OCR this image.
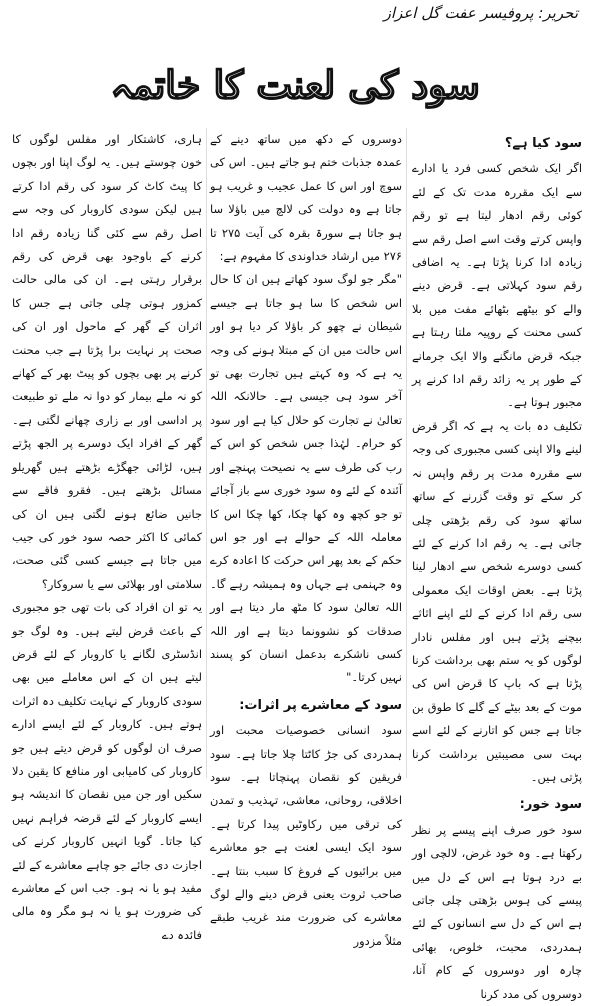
تحریر: پروفیسر عفت گل اعزاز
سود کی لعنت کا خاتمہ

سود کیا ہے؟

اگر ایک شخص کسی فرد یا ادارے سے ایک مقررہ مدت تک کے لئے کوئی رقم ادھار لیتا ہے تو رقم واپس کرتے وقت اسے اصل رقم سے زیادہ ادا کرنا پڑتا ہے۔ یہ اضافی رقم سود کہلاتی ہے۔ قرض دینے والے کو بیٹھے بٹھائے مفت میں بلا کسی محنت کے روپیہ ملتا رہتا ہے جبکہ قرض مانگنے والا ایک جرمانے کے طور پر یہ زائد رقم ادا کرنے پر مجبور ہوتا ہے۔

تکلیف دہ بات یہ ہے کہ اگر قرض لینے والا اپنی کسی مجبوری کی وجہ سے مقررہ مدت پر رقم واپس نہ کر سکے تو وقت گزرنے کے ساتھ ساتھ سود کی رقم بڑھتی چلی جاتی ہے۔ یہ رقم ادا کرنے کے لئے کسی دوسرے شخص سے ادھار لینا پڑتا ہے۔ بعض اوقات ایک معمولی سی رقم ادا کرنے کے لئے اپنے اثاثے بیچنے پڑتے ہیں اور مفلس نادار لوگوں کو یہ ستم بھی برداشت کرنا پڑتا ہے کہ باپ کا قرض اس کی موت کے بعد بیٹے کے گلے کا طوق بن جاتا ہے جس کو اتارنے کے لئے اسے بہت سی مصیبتیں برداشت کرنا پڑتی ہیں۔

سود خور:

سود خور صرف اپنے پیسے پر نظر رکھتا ہے۔ وہ خود غرض، لالچی اور بے درد ہوتا ہے اس کے دل میں پیسے کی ہوس بڑھتی چلی جاتی ہے اس کے دل سے انسانوں کے لئے ہمدردی، محبت، خلوص، بھائی چارہ اور دوسروں کے کام آنا، دوسروں کی مدد کرنا

دوسروں کے دکھ میں ساتھ دینے کے عمدہ جذبات ختم ہو جاتے ہیں۔ اس کی سوچ اور اس کا عمل عجیب و غریب ہو جاتا ہے وہ دولت کی لالچ میں باؤلا سا ہو جاتا ہے سورۃ بقرہ کی آیت ۲۷۵ تا ۲۷۶ میں ارشاد خداوندی کا مفہوم ہے:

"مگر جو لوگ سود کھاتے ہیں ان کا حال اس شخص کا سا ہو جاتا ہے جیسے شیطان نے چھو کر باؤلا کر دیا ہو اور اس حالت میں ان کے مبتلا ہونے کی وجہ یہ ہے کہ وہ کہتے ہیں تجارت بھی تو آخر سود ہی جیسی ہے۔ حالانکہ اللہ تعالیٰ نے تجارت کو حلال کیا ہے اور سود کو حرام۔ لہٰذا جس شخص کو اس کے رب کی طرف سے یہ نصیحت پہنچے اور آئندہ کے لئے وہ سود خوری سے باز آجائے تو جو کچھ وہ کھا چکا، کھا چکا اس کا معاملہ اللہ کے حوالے ہے اور جو اس حکم کے بعد پھر اس حرکت کا اعادہ کرے وہ جہنمی ہے جہاں وہ ہمیشہ رہے گا۔ اللہ تعالیٰ سود کا مٹھ مار دیتا ہے اور صدقات کو نشوونما دیتا ہے اور اللہ کسی ناشکرے بدعمل انسان کو پسند نہیں کرتا۔"

سود کے معاشرے پر اثرات:

سود انسانی خصوصیات محبت اور ہمدردی کی جڑ کاٹتا چلا جاتا ہے۔ سود فریقین کو نقصان پہنچاتا ہے۔ سود اخلاقی، روحانی، معاشی، تہذیب و تمدن کی ترقی میں رکاوٹیں پیدا کرتا ہے۔ سود ایک ایسی لعنت ہے جو معاشرے میں برائیوں کے فروغ کا سبب بنتا ہے۔ صاحب ثروت یعنی قرض دینے والے لوگ معاشرے کی ضرورت مند غریب طبقے مثلاً مزدور

ہاری، کاشتکار اور مفلس لوگوں کا خون چوستے ہیں۔ یہ لوگ اپنا اور بچوں کا پیٹ کاٹ کر سود کی رقم ادا کرتے ہیں لیکن سودی کاروبار کی وجہ سے اصل رقم سے کئی گنا زیادہ رقم ادا کرنے کے باوجود بھی قرض کی رقم برقرار رہتی ہے۔ ان کی مالی حالت کمزور ہوتی چلی جاتی ہے جس کا اثران کے گھر کے ماحول اور ان کی صحت پر نہایت برا پڑتا ہے جب محنت کرنے پر بھی بچوں کو پیٹ بھر کے کھانے کو نہ ملے بیمار کو دوا نہ ملے تو طبیعت پر اداسی اور بے زاری چھانے لگتی ہے۔ گھر کے افراد ایک دوسرے پر الجھ پڑتے ہیں، لڑائی جھگڑے بڑھتے ہیں گھریلو مسائل بڑھتے ہیں۔ فقرو فاقے سے جانیں ضائع ہونے لگتی ہیں ان کی کمائی کا اکثر حصہ سود خور کی جیب میں جاتا ہے جیسے کسی گئی صحت، سلامتی اور بھلائی سے یا سروکار؟

یہ تو ان افراد کی بات تھی جو مجبوری کے باعث قرض لیتے ہیں۔ وہ لوگ جو انڈسٹری لگانے یا کاروبار کے لئے قرض لیتے ہیں ان کے اس معاملے میں بھی سودی کاروبار کے نہایت تکلیف دہ اثرات ہوتے ہیں۔ کاروبار کے لئے ایسے ادارے صرف ان لوگوں کو قرض دیتے ہیں جو کاروبار کی کامیابی اور منافع کا یقین دلا سکیں اور جن میں نقصان کا اندیشہ ہو ایسے کاروبار کے لئے قرضہ فراہم نہیں کیا جاتا۔ گویا انہیں کاروبار کرنے کی اجازت دی جائے جو چاہے معاشرے کے لئے مفید ہو یا نہ ہو۔ جب اس کے معاشرے کی ضرورت ہو یا نہ ہو مگر وہ مالی فائدہ دے
